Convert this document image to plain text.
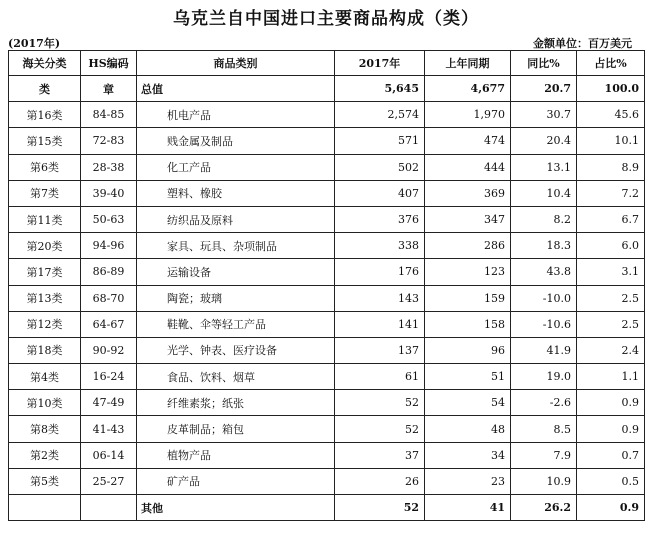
乌克兰自中国进口主要商品构成（类）
(2017年)	金额单位：百万美元
海关分类	HS编码	商品类别	2017年	上年同期	同比%	占比%
类	章	总值	5,645	4,677	20.7	100.0
第16类	84-85	机电产品	2,574	1,970	30.7	45.6
第15类	72-83	贱金属及制品	571	474	20.4	10.1
第6类	28-38	化工产品	502	444	13.1	8.9
第7类	39-40	塑料、橡胶	407	369	10.4	7.2
第11类	50-63	纺织品及原料	376	347	8.2	6.7
第20类	94-96	家具、玩具、杂项制品	338	286	18.3	6.0
第17类	86-89	运输设备	176	123	43.8	3.1
第13类	68-70	陶瓷；玻璃	143	159	-10.0	2.5
第12类	64-67	鞋靴、伞等轻工产品	141	158	-10.6	2.5
第18类	90-92	光学、钟表、医疗设备	137	96	41.9	2.4
第4类	16-24	食品、饮料、烟草	61	51	19.0	1.1
第10类	47-49	纤维素浆；纸张	52	54	-2.6	0.9
第8类	41-43	皮革制品；箱包	52	48	8.5	0.9
第2类	06-14	植物产品	37	34	7.9	0.7
第5类	25-27	矿产品	26	23	10.9	0.5
		其他	52	41	26.2	0.9
